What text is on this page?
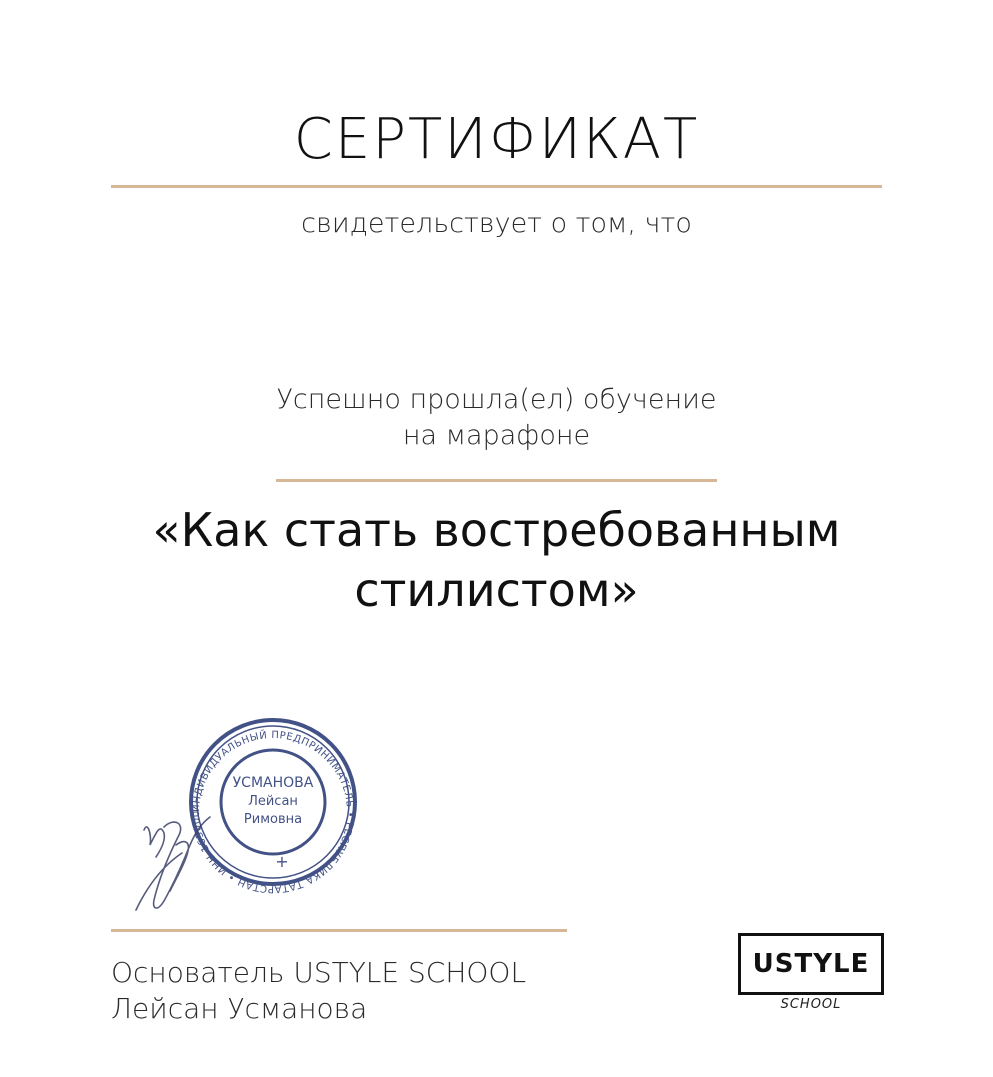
СЕРТИФИКАТ
свидетельствует о том, что
Успешно прошла(ел) обучение
на марафоне
«Как стать востребованным
стилистом»
ИНДИВИДУАЛЬНЫЙ ПРЕДПРИНИМАТЕЛЬ • РЕСПУБЛИКА ТАТАРСТАН • ИНН 165000
УСМАНОВА
Лейсан
Римовна
+
Основатель USTYLE SCHOOL
Лейсан Усманова
USTYLE
SCHOOL
